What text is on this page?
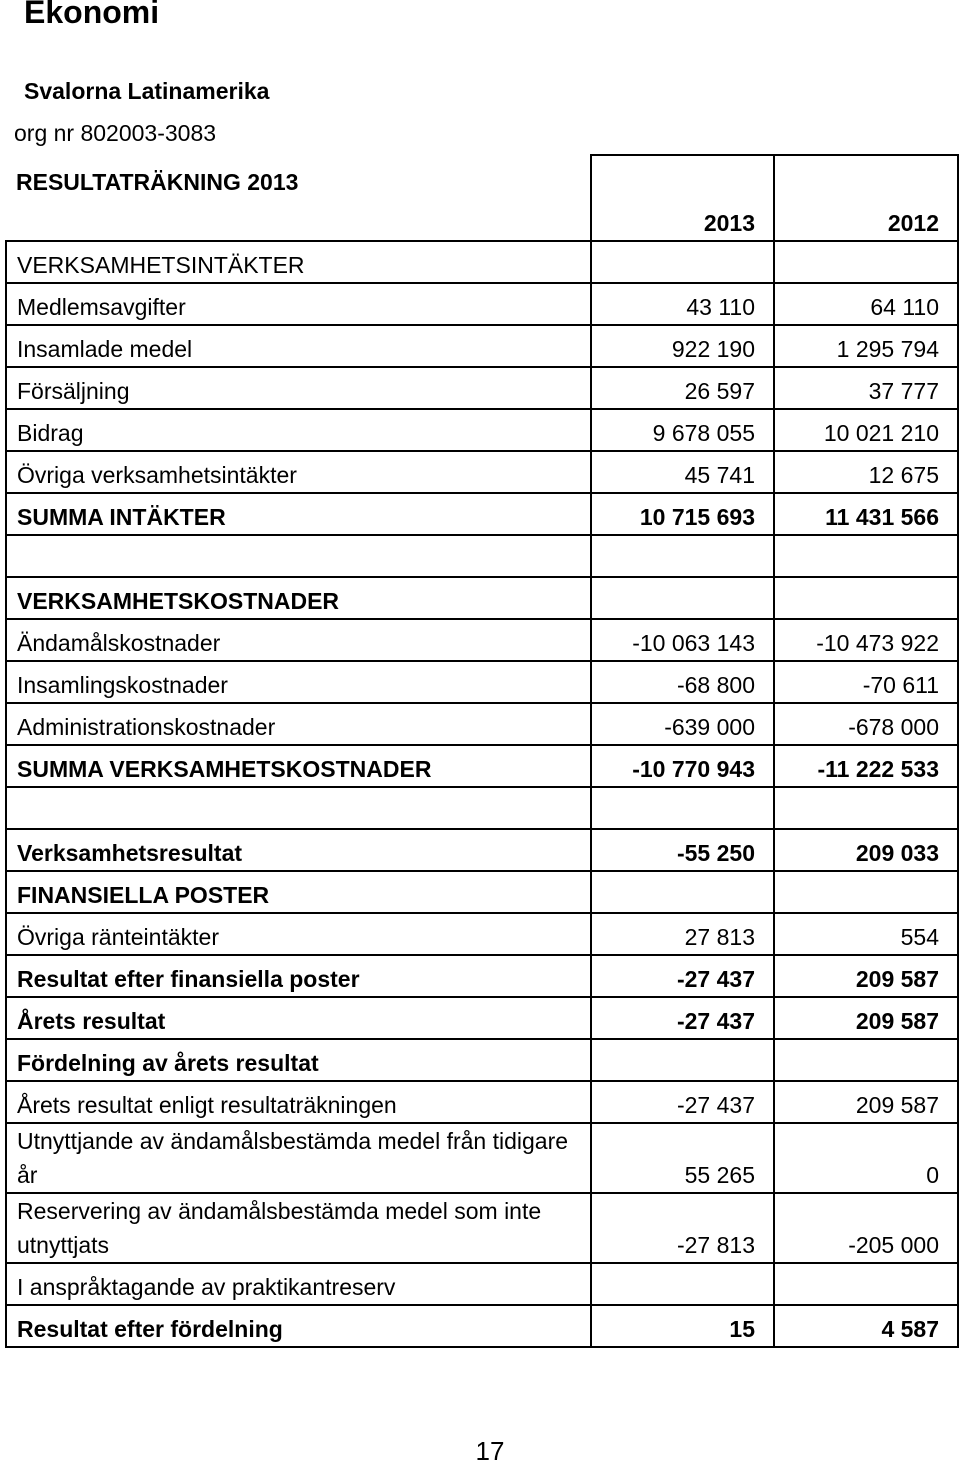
Ekonomi
Svalorna Latinamerika
org nr 802003-3083
RESULTATRÄKNING 2013		
	2013	2012
VERKSAMHETSINTÄKTER		
Medlemsavgifter	43 110	64 110
Insamlade medel	922 190	1 295 794
Försäljning	26 597	37 777
Bidrag	9 678 055	10 021 210
Övriga verksamhetsintäkter	45 741	12 675
SUMMA INTÄKTER	10 715 693	11 431 566

VERKSAMHETSKOSTNADER		
Ändamålskostnader	-10 063 143	-10 473 922
Insamlingskostnader	-68 800	-70 611
Administrationskostnader	-639 000	-678 000
SUMMA VERKSAMHETSKOSTNADER	-10 770 943	-11 222 533

Verksamhetsresultat	-55 250	209 033
FINANSIELLA POSTER		
Övriga ränteintäkter	27 813	554
Resultat efter finansiella poster	-27 437	209 587
Årets resultat	-27 437	209 587
Fördelning av årets resultat		
Årets resultat enligt resultaträkningen	-27 437	209 587
Utnyttjande av ändamålsbestämda medel från tidigare år	55 265	0
Reservering av ändamålsbestämda medel som inte utnyttjats	-27 813	-205 000
I anspråktagande av praktikantreserv		
Resultat efter fördelning	15	4 587
17
